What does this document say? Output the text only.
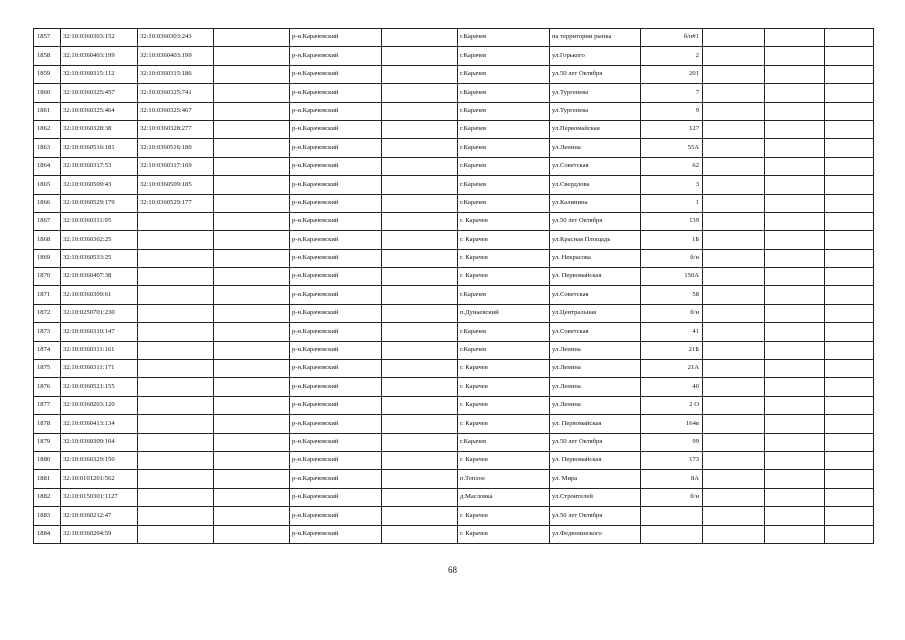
1857	32:10:0360303:152	32:10:0360303:243		р-н.Карачевский		г.Карачев	на территории рынка	б/н#1			
1858	32:10:0360403:199	32:10:0360403:199		р-н.Карачевский		г.Карачев	ул.Горького	2			
1859	32:10:0360315:112	32:10:0360315:186		р-н.Карачевский		г.Карачев	ул.50 лет Октября	201			
1860	32:10:0360325:457	32:10:0360325:741		р-н.Карачевский		г.Карачев	ул.Тургенева	7			
1861	32:10:0360325:464	32:10:0360325:467		р-н.Карачевский		г.Карачев	ул.Тургенева	9			
1862	32:10:0360328:38	32:10:0360328:277		р-н.Карачевский		г.Карачев	ул.Первомайская	127			
1863	32:10:0360516:181	32:10:0360516:180		р-н.Карачевский		г.Карачев	ул.Ленина	55А			
1864	32:10:0360317:53	32:10:0360317:169		р-н.Карачевский		г.Карачев	ул.Советская	62			
1865	32:10:0360509:43	32:10:0360509:185		р-н.Карачевский		г.Карачев	ул.Свердлова	3			
1866	32:10:0360529:179	32:10:0360529:177		р-н.Карачевский		г.Карачев	ул.Калинина	1			
1867	32:10:0360311:95			р-н.Карачевский		г. Карачев	ул.50 лет Октября	139			
1868	32:10:0360302:25			р-н.Карачевский		г. Карачев	ул.Красная Площадь	1Б			
1869	32:10:0360533:25			р-н.Карачевский		г. Карачев	ул. Некрасова	б/н			
1870	32:10:0360407:38			р-н.Карачевский		г. Карачев	ул. Первомайская	150А			
1871	32:10:0360309:61			р-н.Карачевский		г.Карачев	ул.Советская	58			
1872	32:10:0250701:230			р-н.Карачевский		п.Дунаевский	ул.Центральная	б/н			
1873	32:10:0360310:147			р-н.Карачевский		г.Карачев	ул.Советская	41			
1874	32:10:0360311:161			р-н.Карачевский		г.Карачев	ул.Ленина	21Б			
1875	32:10:0360311:171			р-н.Карачевский		г. Карачев	ул.Ленина	21А			
1876	32:10:0360521:155			р-н.Карачевский		г. Карачев	ул.Ленина	40			
1877	32:10:0360203:120			р-н.Карачевский		г. Карачев	ул.Ленина	2 О			
1878	32:10:0360413:134			р-н.Карачевский		г. Карачев	ул. Первомайская	164в			
1879	32:10:0360309:104			р-н.Карачевский		г.Карачев	ул.50 лет Октября	99			
1880	32:10:0360329:150			р-н.Карачевский		г. Карачев	ул. Первомайская	173			
1881	32:10:0101201:562			р-н.Карачевский		п.Теплое	ул. Мира	8А			
1882	32:10:0150301:1127			р-н.Карачевский		д.Масловка	ул.Строителей	б/н			
1883	32:10:0360212:47			р-н.Карачевский		г. Карачев	ул.50 лет Октября				
1884	32:10:0360204:59			р-н.Карачевский		г. Карачев	ул.Федюнинского				
68
